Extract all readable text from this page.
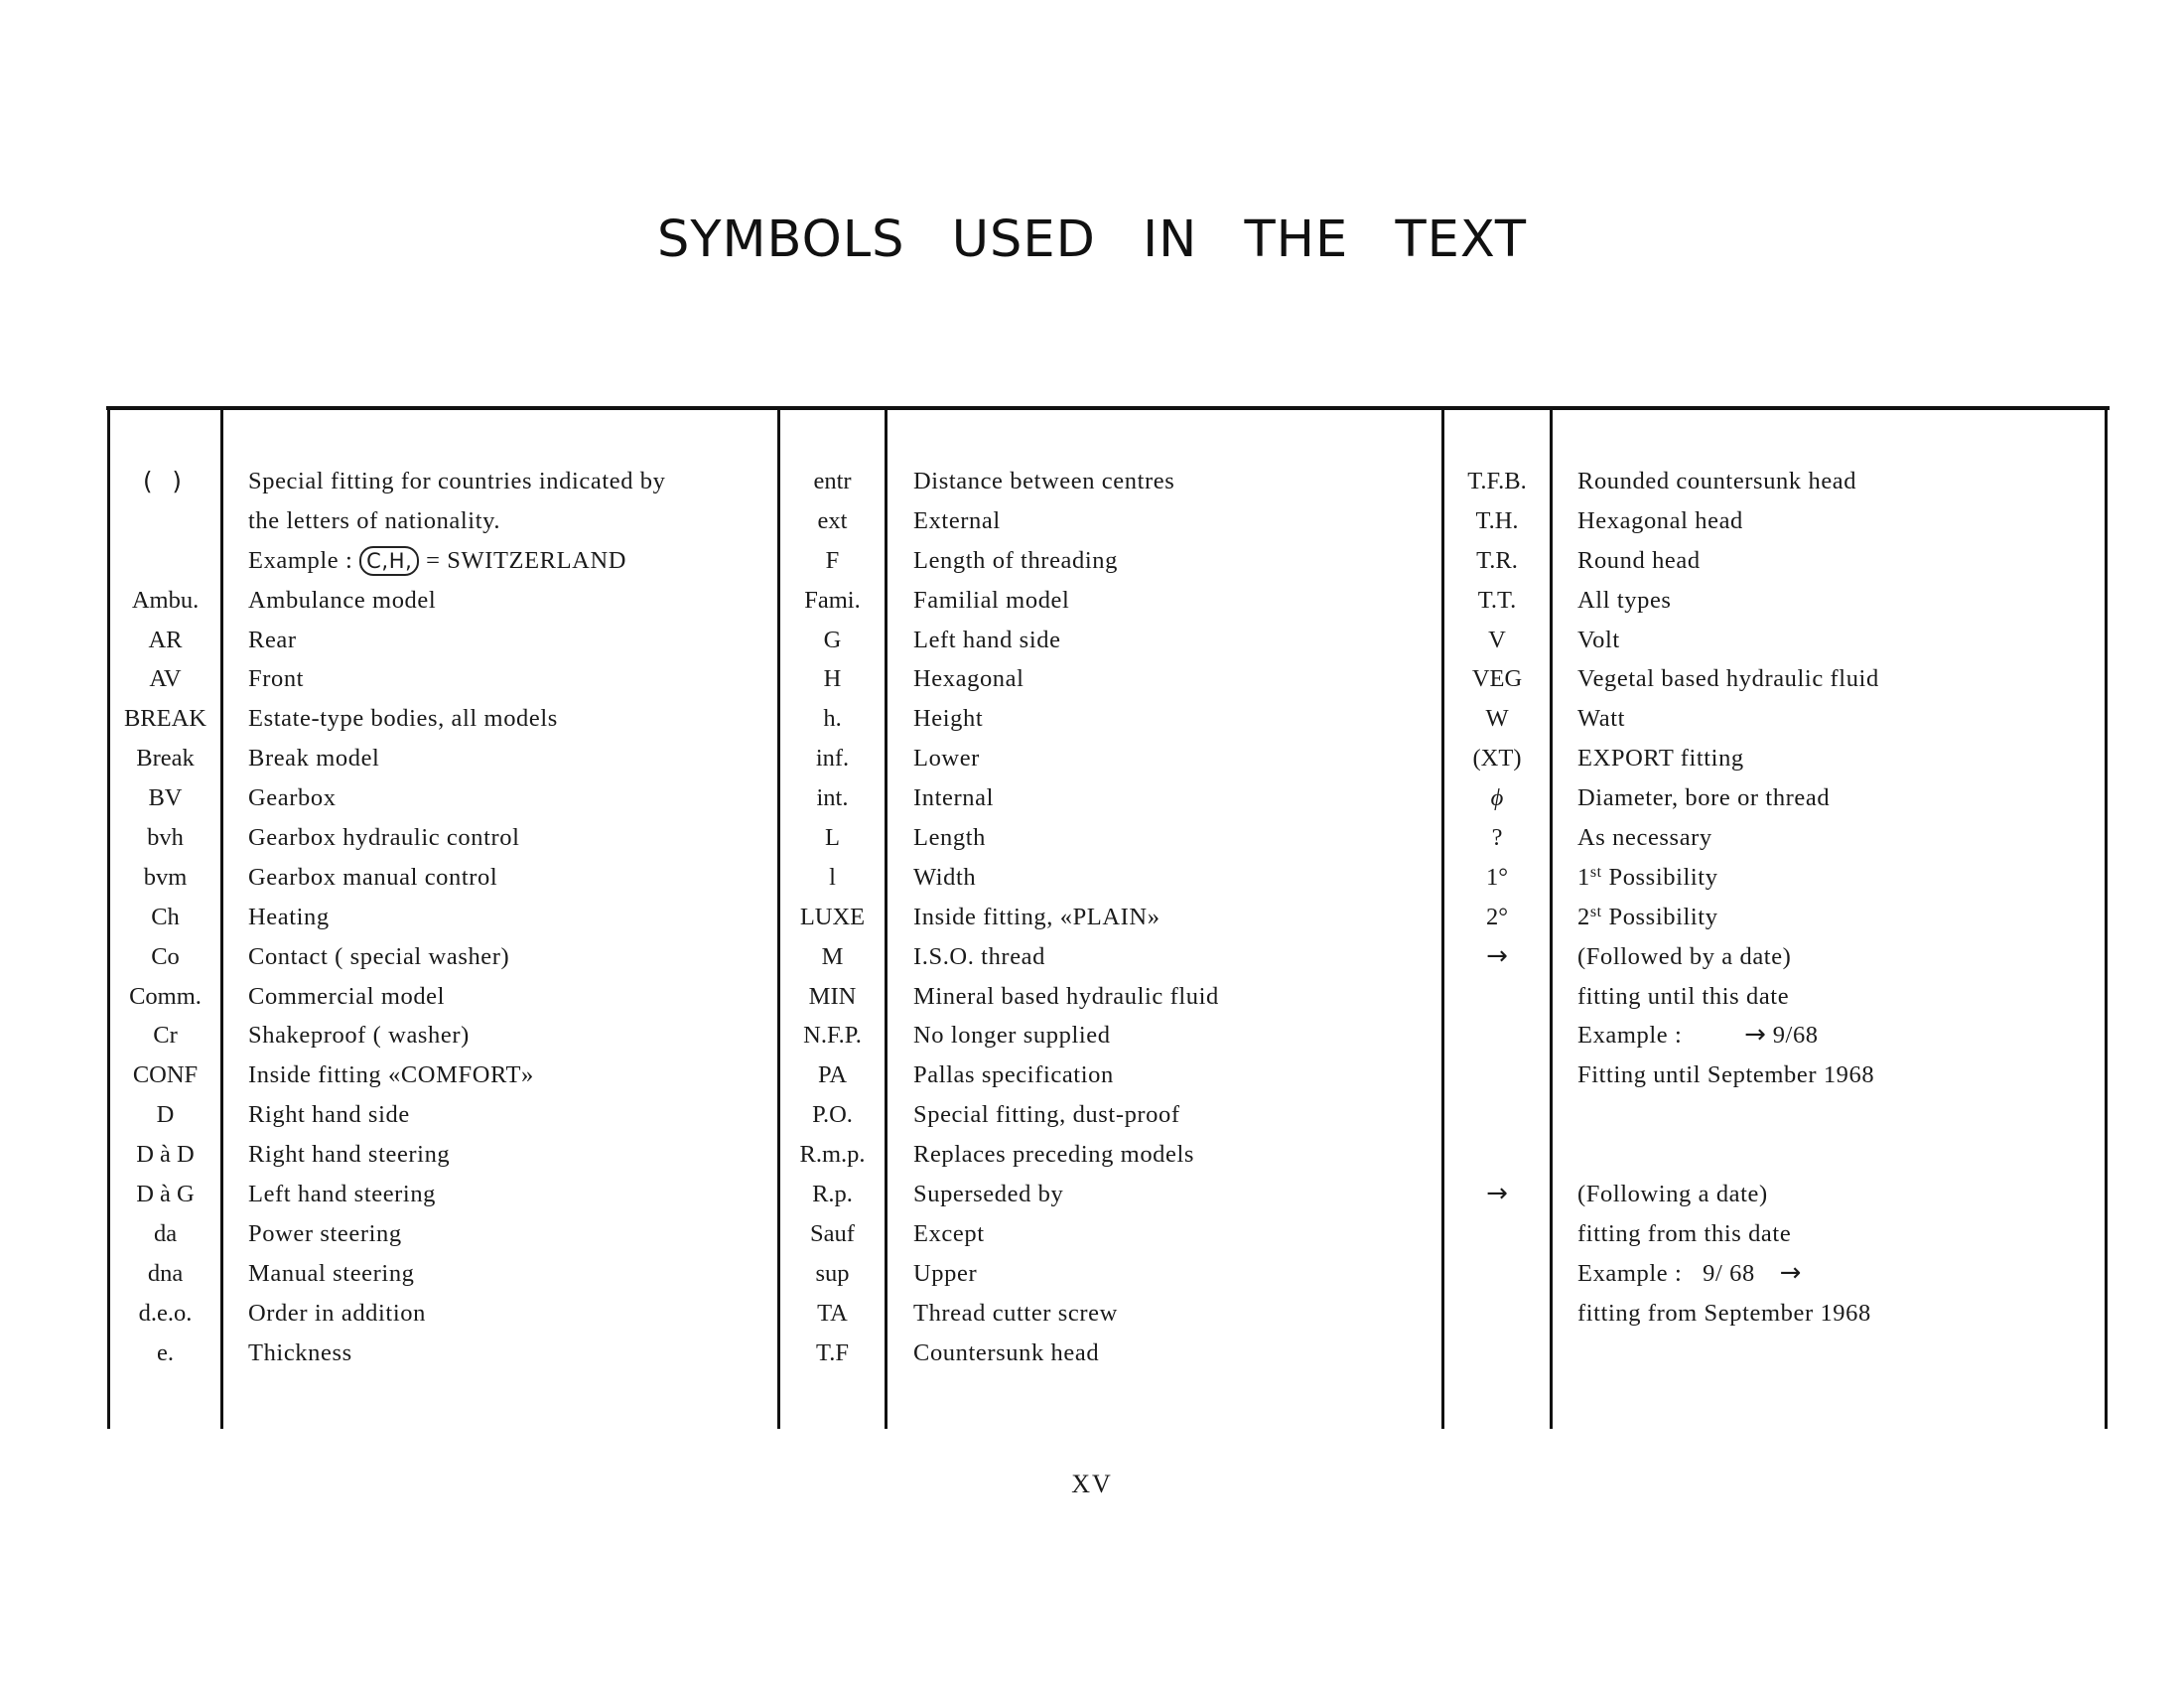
SYMBOLS USED IN THE TEXT
( )
Ambu.
AR
AV
BREAK
Break
BV
bvh
bvm
Ch
Co
Comm.
Cr
CONF
D
D à D
D à G
da
dna
d.e.o.
e.
Special fitting for countries indicated by
the letters of nationality.
Example : C,H, = SWITZERLAND
Ambulance model
Rear
Front
Estate-type bodies, all models
Break model
Gearbox
Gearbox hydraulic control
Gearbox manual control
Heating
Contact ( special washer)
Commercial model
Shakeproof ( washer)
Inside fitting «COMFORT»
Right hand side
Right hand steering
Left hand steering
Power steering
Manual steering
Order in addition
Thickness
entr
ext
F
Fami.
G
H
h.
inf.
int.
L
l
LUXE
M
MIN
N.F.P.
PA
P.O.
R.m.p.
R.p.
Sauf
sup
TA
T.F
Distance between centres
External
Length of threading
Familial model
Left hand side
Hexagonal
Height
Lower
Internal
Length
Width
Inside fitting, «PLAIN»
I.S.O. thread
Mineral based hydraulic fluid
No longer supplied
Pallas specification
Special fitting, dust-proof
Replaces preceding models
Superseded by
Except
Upper
Thread cutter screw
Countersunk head
T.F.B.
T.H.
T.R.
T.T.
V
VEG
W
(XT)
ϕ
?
1°
2°
→
→
Rounded countersunk head
Hexagonal head
Round head
All types
Volt
Vegetal based hydraulic fluid
Watt
EXPORT fitting
Diameter, bore or thread
As necessary
1st Possibility
2st Possibility
(Followed by a date)
fitting until this date
Example : → 9/68
Fitting until September 1968
(Following a date)
fitting from this date
Example : 9/ 68 →
fitting from September 1968
XV
